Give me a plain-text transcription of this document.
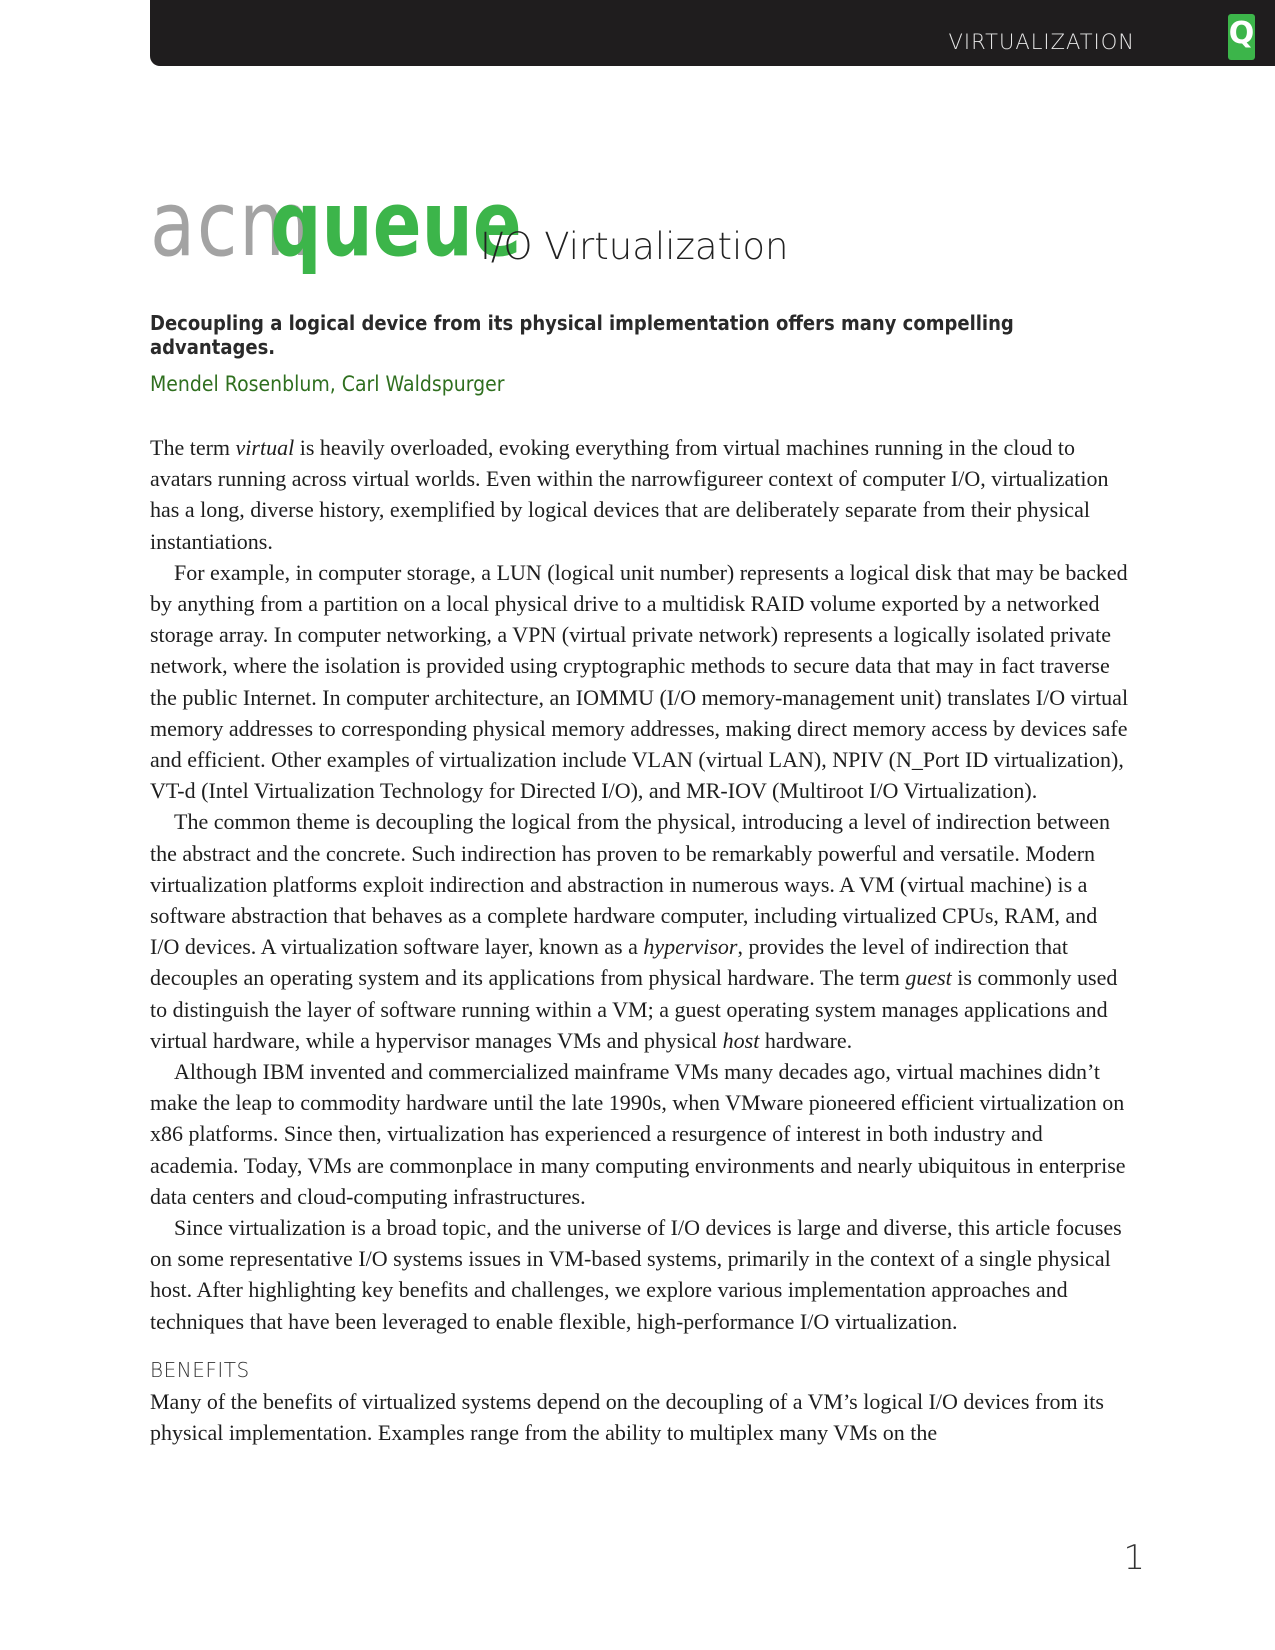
VIRTUALIZATION	Q
acm
queue
I/O Virtualization
Decoupling a logical device from its physical implementation offers many compelling advantages.
Mendel Rosenblum, Carl Waldspurger

The term virtual is heavily overloaded, evoking everything from virtual machines running in the cloud to avatars running across virtual worlds. Even within the narrowfigureer context of computer I/O, virtualization has a long, diverse history, exemplified by logical devices that are deliberately separate from their physical instantiations.

For example, in computer storage, a LUN (logical unit number) represents a logical disk that may be backed by anything from a partition on a local physical drive to a multidisk RAID volume exported by a networked storage array. In computer networking, a VPN (virtual private network) represents a logically isolated private network, where the isolation is provided using cryptographic methods to secure data that may in fact traverse the public Internet. In computer architecture, an IOMMU (I/O memory-management unit) translates I/O virtual memory addresses to corresponding physical memory addresses, making direct memory access by devices safe and efficient. Other examples of virtualization include VLAN (virtual LAN), NPIV (N_Port ID virtualization), VT-d (Intel Virtualization Technology for Directed I/O), and MR-IOV (Multiroot I/O Virtualization).

The common theme is decoupling the logical from the physical, introducing a level of indirection between the abstract and the concrete. Such indirection has proven to be remarkably powerful and versatile. Modern virtualization platforms exploit indirection and abstraction in numerous ways. A VM (virtual machine) is a software abstraction that behaves as a complete hardware computer, including virtualized CPUs, RAM, and I/O devices. A virtualization software layer, known as a hypervisor, provides the level of indirection that decouples an operating system and its applications from physical hardware. The term guest is commonly used to distinguish the layer of software running within a VM; a guest operating system manages applications and virtual hardware, while a hypervisor manages VMs and physical host hardware.

Although IBM invented and commercialized mainframe VMs many decades ago, virtual machines didn’t make the leap to commodity hardware until the late 1990s, when VMware pioneered efficient virtualization on x86 platforms. Since then, virtualization has experienced a resurgence of interest in both industry and academia. Today, VMs are commonplace in many computing environments and nearly ubiquitous in enterprise data centers and cloud-computing infrastructures.

Since virtualization is a broad topic, and the universe of I/O devices is large and diverse, this article focuses on some representative I/O systems issues in VM-based systems, primarily in the context of a single physical host. After highlighting key benefits and challenges, we explore various implementation approaches and techniques that have been leveraged to enable flexible, high-performance I/O virtualization.

BENEFITS

Many of the benefits of virtualized systems depend on the decoupling of a VM’s logical I/O devices from its physical implementation. Examples range from the ability to multiplex many VMs on the

1
